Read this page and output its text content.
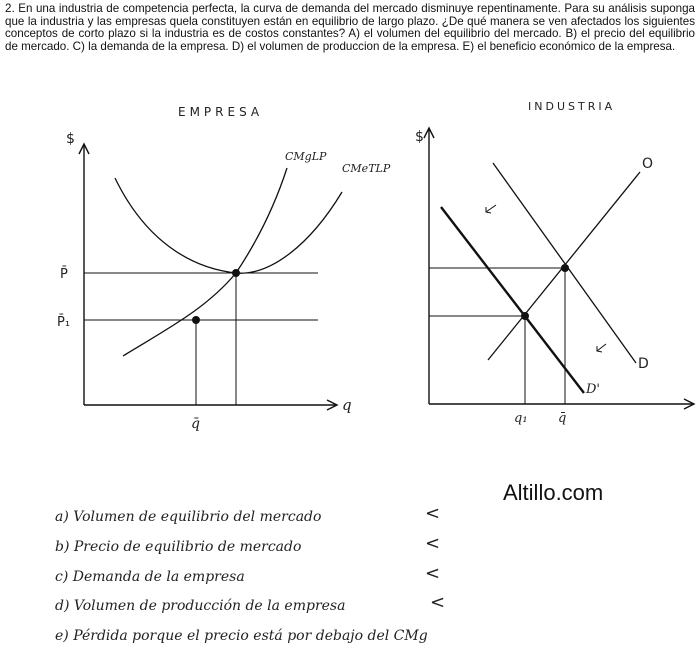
2. En una industria de competencia perfecta, la curva de demanda del mercado disminuye repentinamente. Para su análisis suponga que la industria y las empresas quela constituyen están en equilibrio de largo plazo. ¿De qué manera se ven afectados los siguientes conceptos de corto plazo si la industria es de costos constantes? A) el volumen del equilibrio del mercado. B) el precio del equilibrio de mercado. C) la demanda de la empresa. D) el volumen de produccion de la empresa. E) el beneficio económico de la empresa.

EMPRESA
$
q
P̄
P̄₁
CMeTLP
CMgLP
q̄
INDUSTRIA
$
O
D
D'
q₁ q̄
Altillo.com
a) Volumen de equilibrio del mercado	<
b) Precio de equilibrio de mercado	<
c) Demanda de la empresa	<
d) Volumen de producción de la empresa	<
e) Pérdida porque el precio está por debajo del CMg
